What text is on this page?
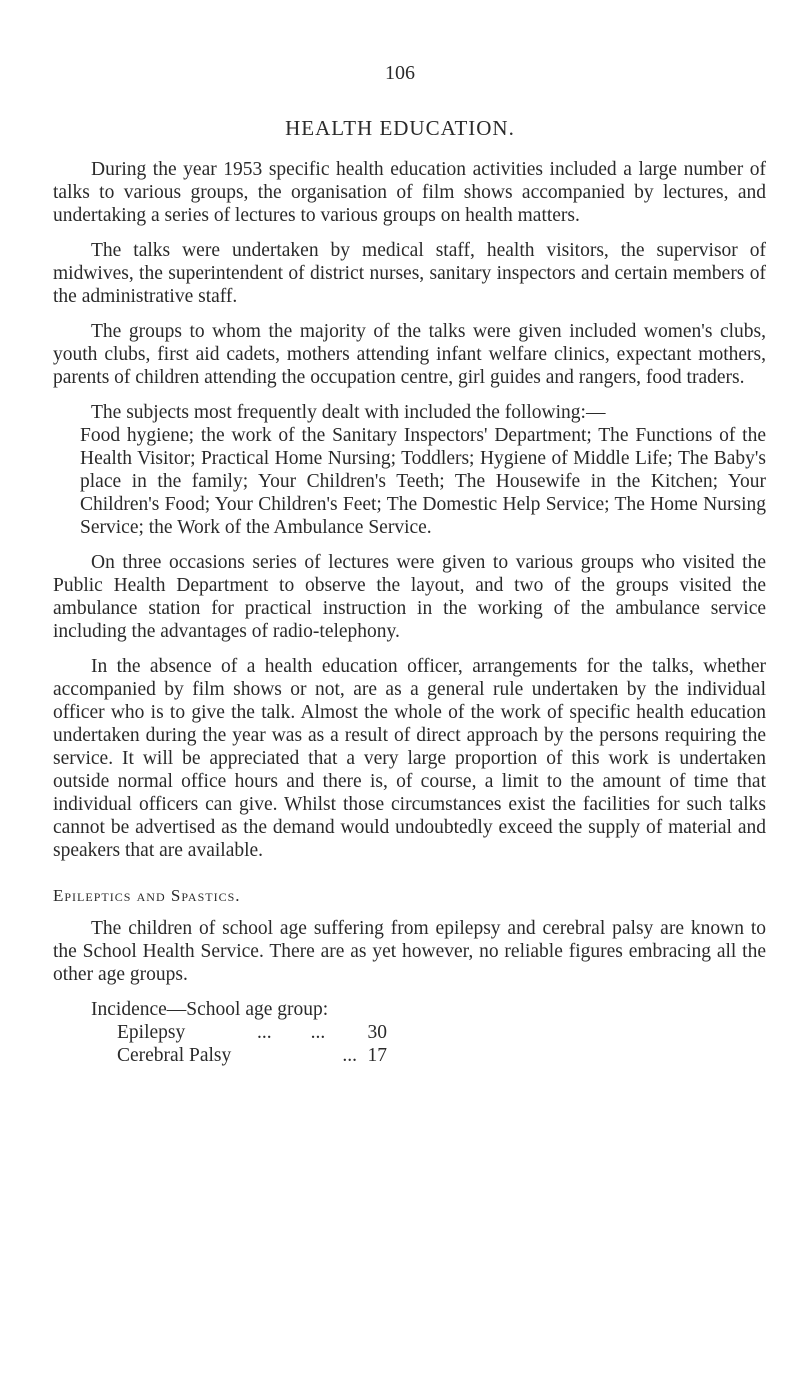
106
HEALTH EDUCATION.

During the year 1953 specific health education activities included a large number of talks to various groups, the organisation of film shows accompanied by lectures, and undertaking a series of lectures to various groups on health matters.

The talks were undertaken by medical staff, health visitors, the supervisor of midwives, the superintendent of district nurses, sanitary inspectors and certain members of the administrative staff.

The groups to whom the majority of the talks were given included women's clubs, youth clubs, first aid cadets, mothers attending infant welfare clinics, expectant mothers, parents of children attending the occupation centre, girl guides and rangers, food traders.

The subjects most frequently dealt with included the following:—

Food hygiene; the work of the Sanitary Inspectors' Department; The Functions of the Health Visitor; Practical Home Nursing; Toddlers; Hygiene of Middle Life; The Baby's place in the family; Your Children's Teeth; The Housewife in the Kitchen; Your Children's Food; Your Children's Feet; The Domestic Help Service; The Home Nursing Service; the Work of the Ambulance Service.

On three occasions series of lectures were given to various groups who visited the Public Health Department to observe the layout, and two of the groups visited the ambulance station for practical instruction in the working of the ambulance service including the advantages of radio-telephony.

In the absence of a health education officer, arrangements for the talks, whether accompanied by film shows or not, are as a general rule undertaken by the individual officer who is to give the talk. Almost the whole of the work of specific health education undertaken during the year was as a result of direct approach by the persons requiring the service. It will be appreciated that a very large proportion of this work is undertaken outside normal office hours and there is, of course, a limit to the amount of time that individual officers can give. Whilst those circumstances exist the facilities for such talks cannot be advertised as the demand would undoubtedly exceed the supply of material and speakers that are available.

Epileptics and Spastics.

The children of school age suffering from epilepsy and cerebral palsy are known to the School Health Service. There are as yet however, no reliable figures embracing all the other age groups.

Incidence—School age group:
Epilepsy	...        ...	30
Cerebral Palsy	... 17
